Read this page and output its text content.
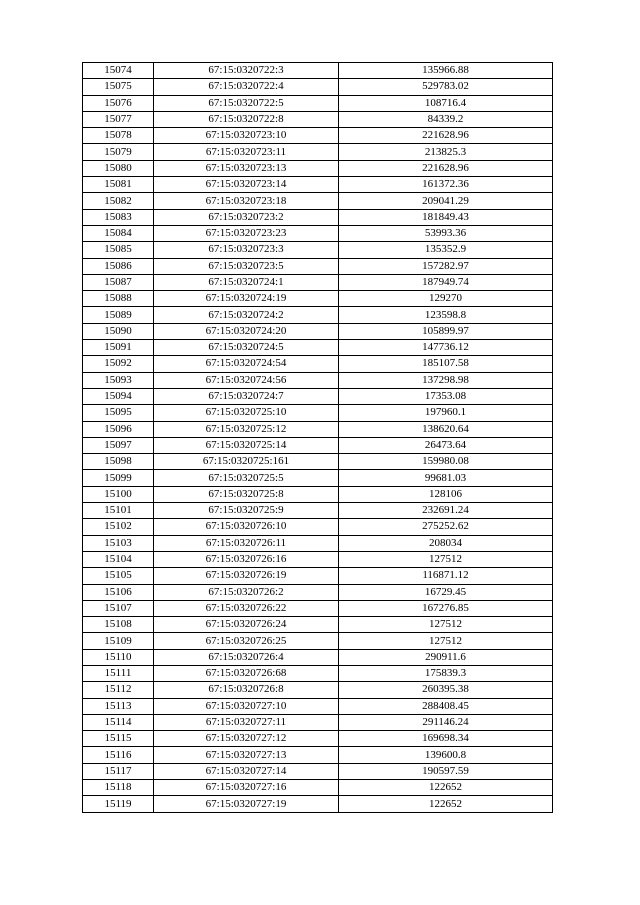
15074	67:15:0320722:3	135966.88
15075	67:15:0320722:4	529783.02
15076	67:15:0320722:5	108716.4
15077	67:15:0320722:8	84339.2
15078	67:15:0320723:10	221628.96
15079	67:15:0320723:11	213825.3
15080	67:15:0320723:13	221628.96
15081	67:15:0320723:14	161372.36
15082	67:15:0320723:18	209041.29
15083	67:15:0320723:2	181849.43
15084	67:15:0320723:23	53993.36
15085	67:15:0320723:3	135352.9
15086	67:15:0320723:5	157282.97
15087	67:15:0320724:1	187949.74
15088	67:15:0320724:19	129270
15089	67:15:0320724:2	123598.8
15090	67:15:0320724:20	105899.97
15091	67:15:0320724:5	147736.12
15092	67:15:0320724:54	185107.58
15093	67:15:0320724:56	137298.98
15094	67:15:0320724:7	17353.08
15095	67:15:0320725:10	197960.1
15096	67:15:0320725:12	138620.64
15097	67:15:0320725:14	26473.64
15098	67:15:0320725:161	159980.08
15099	67:15:0320725:5	99681.03
15100	67:15:0320725:8	128106
15101	67:15:0320725:9	232691.24
15102	67:15:0320726:10	275252.62
15103	67:15:0320726:11	208034
15104	67:15:0320726:16	127512
15105	67:15:0320726:19	116871.12
15106	67:15:0320726:2	16729.45
15107	67:15:0320726:22	167276.85
15108	67:15:0320726:24	127512
15109	67:15:0320726:25	127512
15110	67:15:0320726:4	290911.6
15111	67:15:0320726:68	175839.3
15112	67:15:0320726:8	260395.38
15113	67:15:0320727:10	288408.45
15114	67:15:0320727:11	291146.24
15115	67:15:0320727:12	169698.34
15116	67:15:0320727:13	139600.8
15117	67:15:0320727:14	190597.59
15118	67:15:0320727:16	122652
15119	67:15:0320727:19	122652
